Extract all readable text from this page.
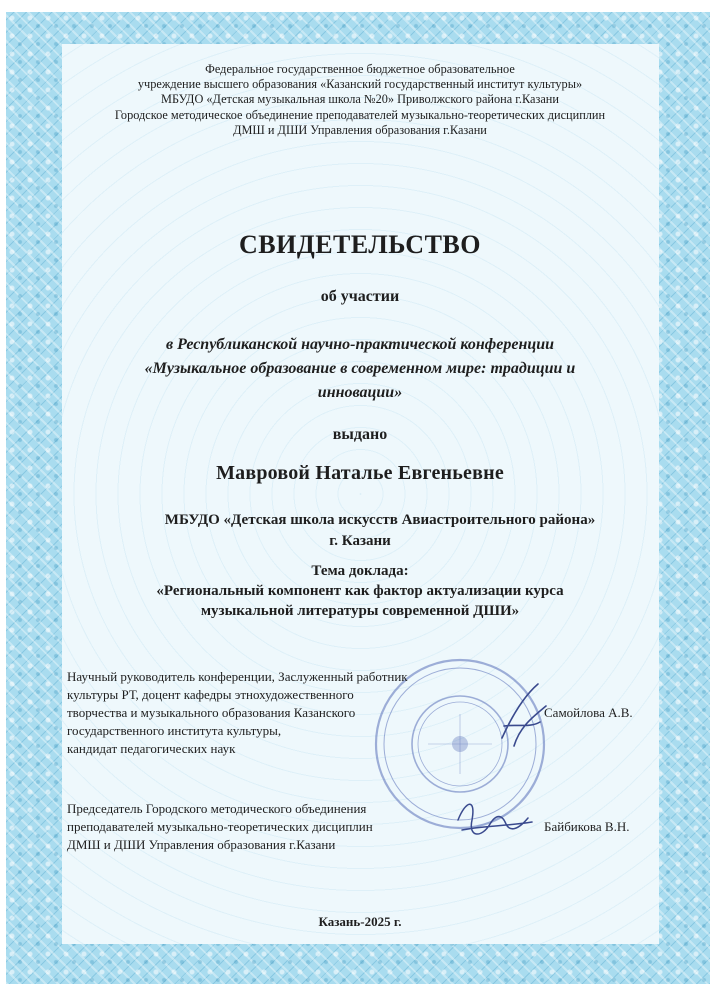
Федеральное государственное бюджетное образовательное
учреждение высшего образования «Казанский государственный институт культуры»
МБУДО «Детская музыкальная школа №20» Приволжского района г.Казани
Городское методическое объединение преподавателей музыкально-теоретических дисциплин
ДМШ и ДШИ Управления образования г.Казани
СВИДЕТЕЛЬСТВО
об участии
в Республиканской научно-практической конференции
«Музыкальное образование в современном мире: традиции и
инновации»
выдано
Мавровой Наталье Евгеньевне
МБУДО «Детская школа искусств Авиастроительного района»
г. Казани
Тема доклада:
«Региональный компонент как фактор актуализации курса
музыкальной литературы современной ДШИ»
Научный руководитель конференции, Заслуженный работник
культуры РТ, доцент кафедры этнохудожественного
творчества и музыкального образования Казанского
государственного института культуры,
кандидат педагогических наук
Самойлова А.В.
Председатель Городского методического объединения
преподавателей музыкально-теоретических дисциплин
ДМШ и ДШИ Управления образования г.Казани
Байбикова В.Н.
Казань-2025 г.
